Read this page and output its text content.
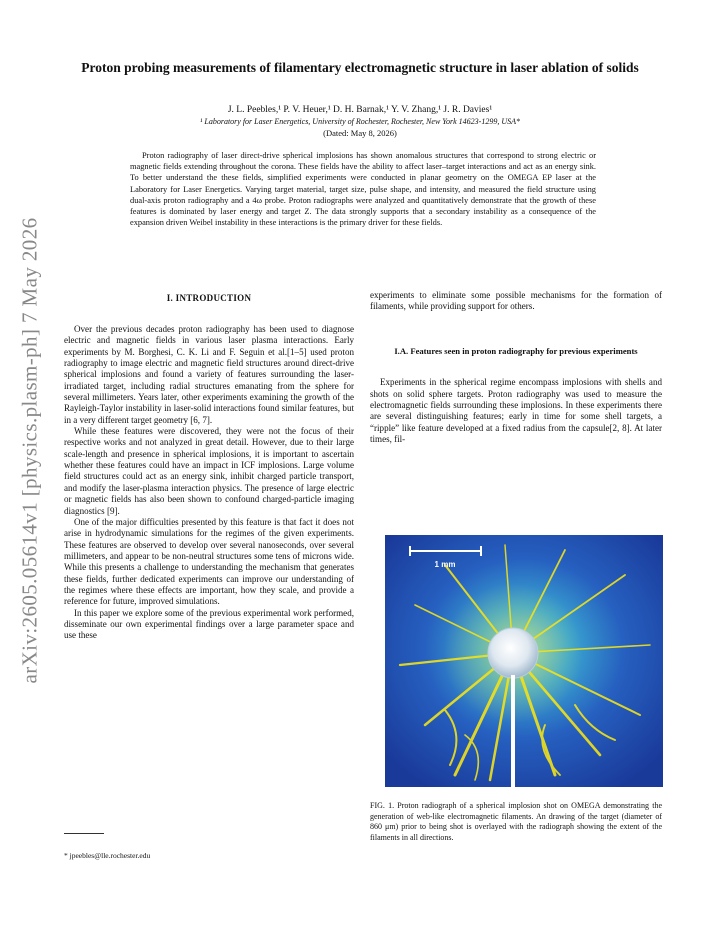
arXiv:2605.05614v1 [physics.plasm-ph] 7 May 2026
Proton probing measurements of filamentary electromagnetic structure in laser ablation of solids
J. L. Peebles,¹ P. V. Heuer,¹ D. H. Barnak,¹ Y. V. Zhang,¹ J. R. Davies¹
¹ Laboratory for Laser Energetics, University of Rochester, Rochester, New York 14623-1299, USA*
(Dated: May 8, 2026)

Proton radiography of laser direct-drive spherical implosions has shown anomalous structures that correspond to strong electric or magnetic fields extending throughout the corona. These fields have the ability to affect laser–target interactions and act as an energy sink. To better understand the these fields, simplified experiments were conducted in planar geometry on the OMEGA EP laser at the Laboratory for Laser Energetics. Varying target material, target size, pulse shape, and intensity, and measured the field structure using dual-axis proton radiography and a 4ω probe. Proton radiographs were analyzed and quantitatively demonstrate that the growth of these features is dominated by laser energy and target Z. The data strongly supports that a secondary instability as a consequence of the expansion driven Weibel instability in these interactions is the primary driver for these fields.

I. INTRODUCTION

Over the previous decades proton radiography has been used to diagnose electric and magnetic fields in various laser plasma interactions. Early experiments by M. Borghesi, C. K. Li and F. Seguin et al.[1–5] used proton radiography to image electric and magnetic field structures around direct-drive spherical implosions and found a variety of features surrounding the laser-irradiated target, including radial structures emanating from the sphere for several millimeters. Years later, other experiments examining the growth of the Rayleigh-Taylor instability in laser-solid interactions found similar features, but in a very different target geometry [6, 7].

While these features were discovered, they were not the focus of their respective works and not analyzed in great detail. However, due to their large scale-length and presence in spherical implosions, it is important to ascertain whether these features could have an impact in ICF implosions. Large volume field structures could act as an energy sink, inhibit charged particle transport, and modify the laser-plasma interaction physics. The presence of large electric or magnetic fields has also been shown to confound charged-particle imaging diagnostics [9].

One of the major difficulties presented by this feature is that fact it does not arise in hydrodynamic simulations for the regimes of the given experiments. These features are observed to develop over several nanoseconds, over several millimeters, and appear to be non-neutral structures some tens of microns wide. While this presents a challenge to understanding the mechanism that generates these fields, further dedicated experiments can improve our understanding of the regimes where these effects are important, how they scale, and provide a reference for future, improved simulations.

In this paper we explore some of the previous experimental work performed, disseminate our own experimental findings over a large parameter space and use these

experiments to eliminate some possible mechanisms for the formation of filaments, while providing support for others.

I.A. Features seen in proton radiography for previous experiments

Experiments in the spherical regime encompass implosions with shells and shots on solid sphere targets. Proton radiography was used to measure the electromagnetic fields surrounding these implosions. In these experiments there are several distinguishing features; early in time for some shell targets, a “ripple” like feature developed at a fixed radius from the capsule[2, 8]. At later times, fil-

1 mm

FIG. 1. Proton radiograph of a spherical implosion shot on OMEGA demonstrating the generation of web-like electromagnetic filaments. An drawing of the target (diameter of 860 μm) prior to being shot is overlayed with the radiograph showing the extent of the filaments in all directions.

* jpeebles@lle.rochester.edu
